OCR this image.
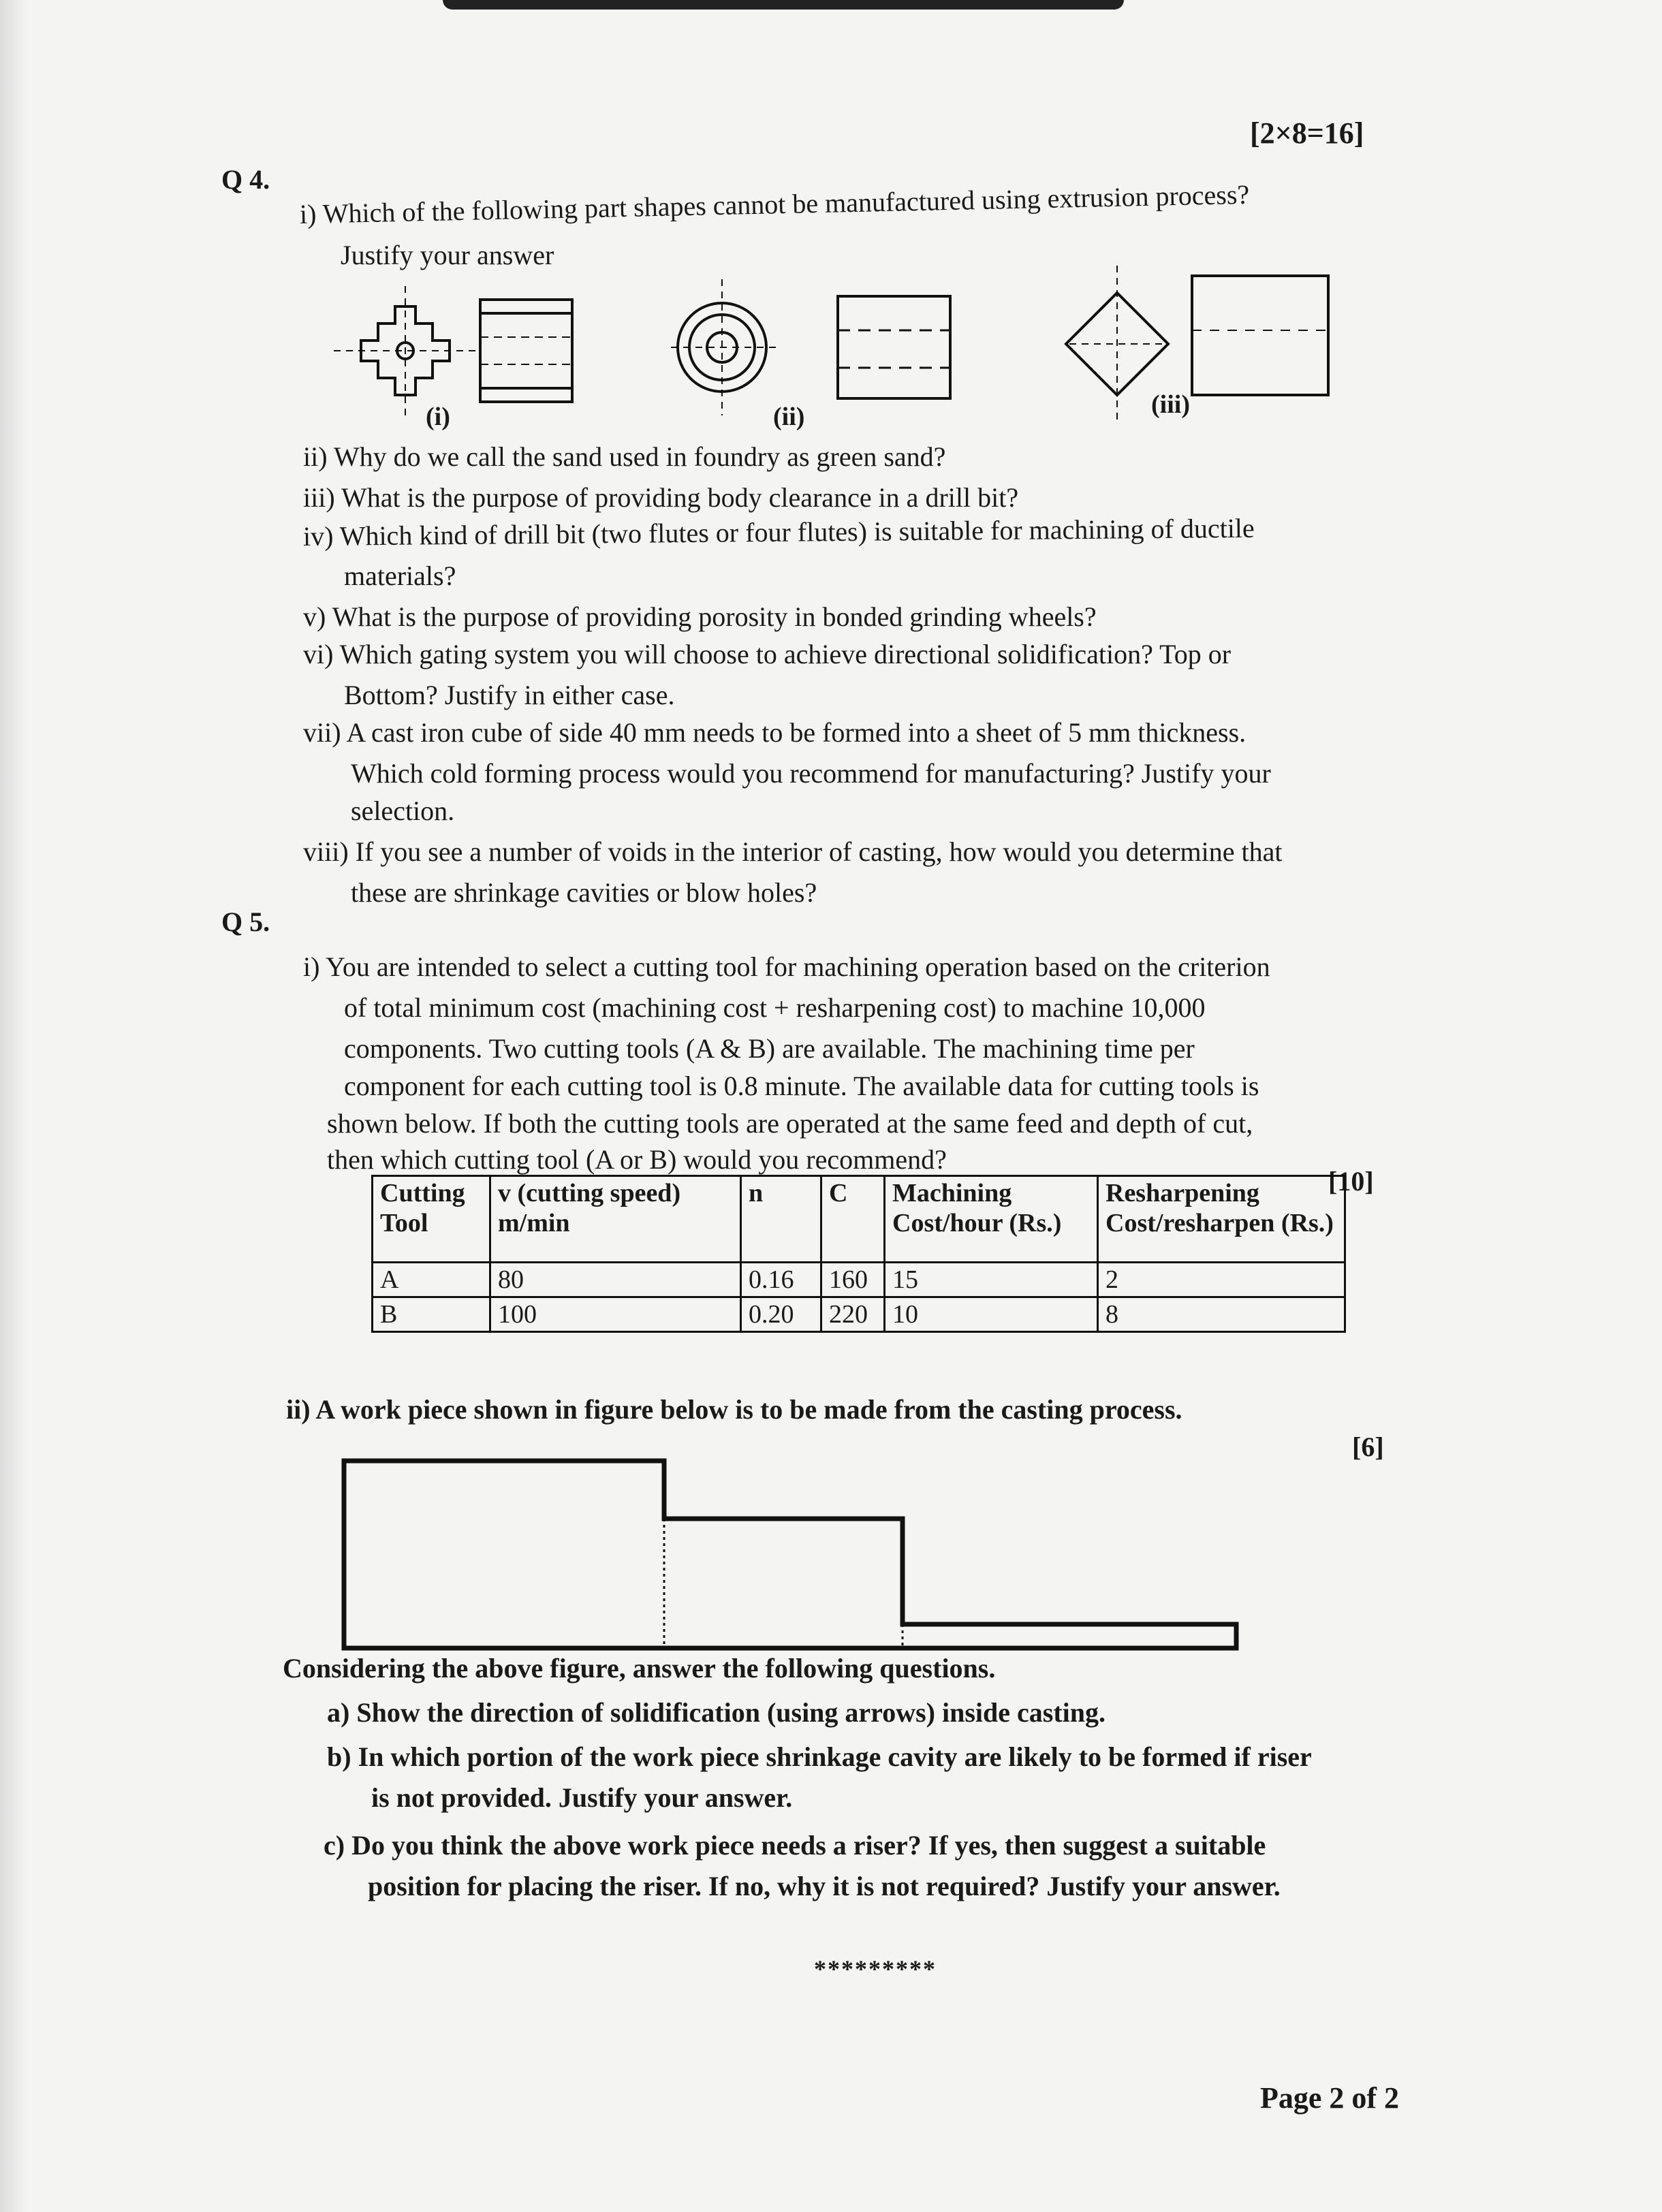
[2×8=16]
Q 4. i) Which of the following part shapes cannot be manufactured using extrusion process?
Justify your answer
(i)	(ii)	(iii)
ii) Why do we call the sand used in foundry as green sand?
iii) What is the purpose of providing body clearance in a drill bit?
iv) Which kind of drill bit (two flutes or four flutes) is suitable for machining of ductile
materials?
v) What is the purpose of providing porosity in bonded grinding wheels?
vi) Which gating system you will choose to achieve directional solidification? Top or
Bottom? Justify in either case.
vii) A cast iron cube of side 40 mm needs to be formed into a sheet of 5 mm thickness.
Which cold forming process would you recommend for manufacturing? Justify your
selection.
viii) If you see a number of voids in the interior of casting, how would you determine that
these are shrinkage cavities or blow holes?
Q 5.
i) You are intended to select a cutting tool for machining operation based on the criterion
of total minimum cost (machining cost + resharpening cost) to machine 10,000
components. Two cutting tools (A & B) are available. The machining time per
component for each cutting tool is 0.8 minute. The available data for cutting tools is
shown below. If both the cutting tools are operated at the same feed and depth of cut,
then which cutting tool (A or B) would you recommend?
[10]
Cutting Tool	v (cutting speed) m/min	n	C	Machining Cost/hour (Rs.)	Resharpening Cost/resharpen (Rs.)
A	80	0.16	160	15	2
B	100	0.20	220	10	8
ii) A work piece shown in figure below is to be made from the casting process.
[6]
Considering the above figure, answer the following questions.
a) Show the direction of solidification (using arrows) inside casting.
b) In which portion of the work piece shrinkage cavity are likely to be formed if riser
is not provided. Justify your answer.
c) Do you think the above work piece needs a riser? If yes, then suggest a suitable
position for placing the riser. If no, why it is not required? Justify your answer.
*********
Page 2 of 2
